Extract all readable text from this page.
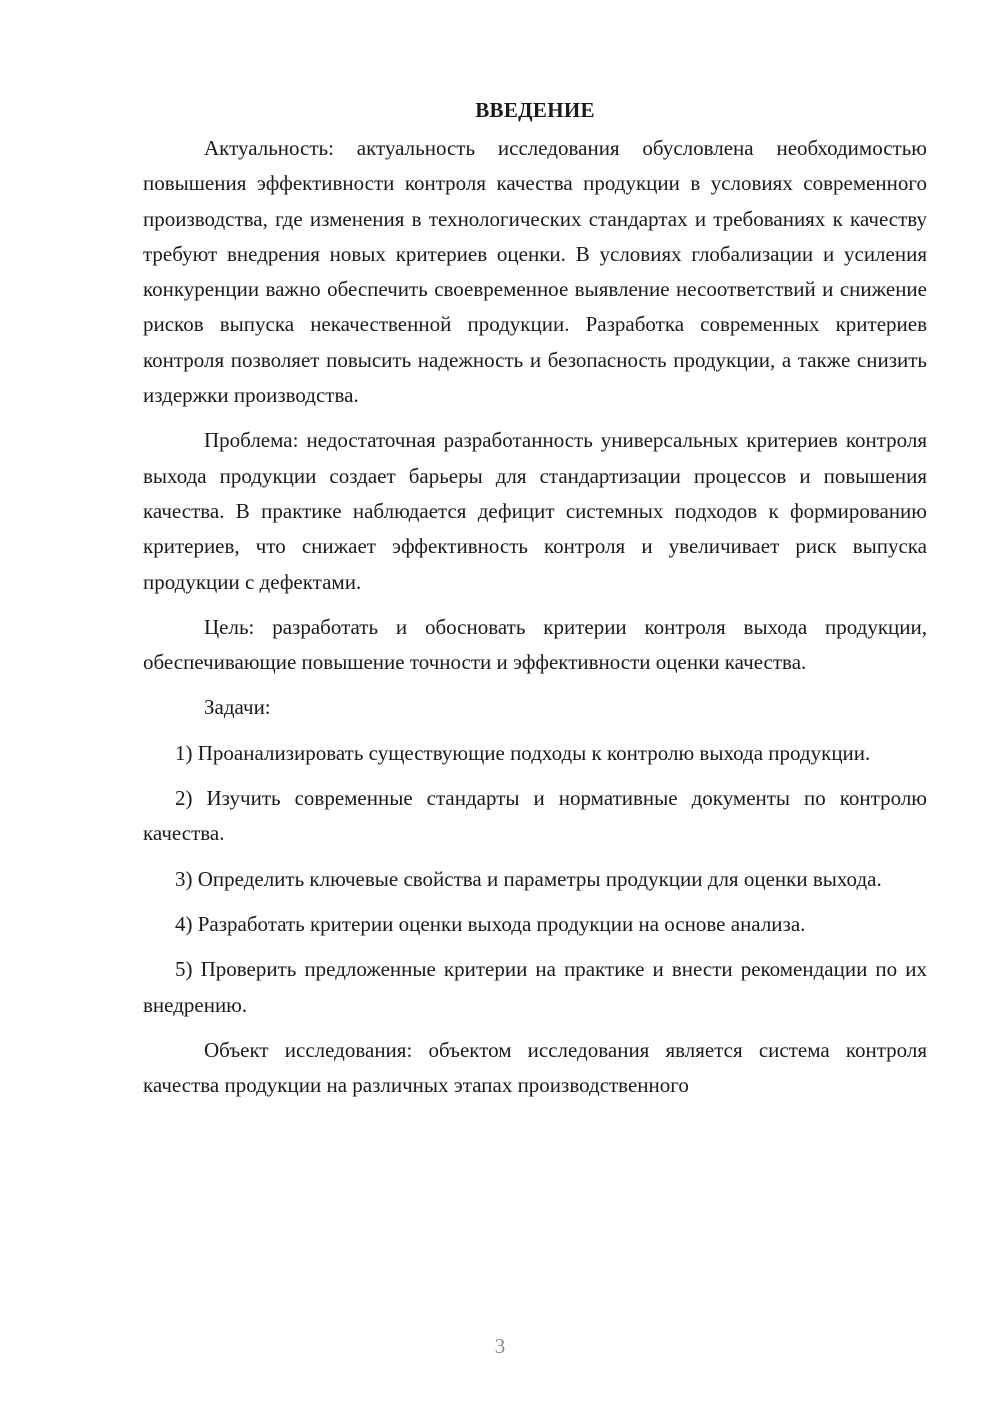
ВВЕДЕНИЕ

Актуальность: актуальность исследования обусловлена необходимостью повышения эффективности контроля качества продукции в условиях современного производства, где изменения в технологических стандартах и требованиях к качеству требуют внедрения новых критериев оценки. В условиях глобализации и усиления конкуренции важно обеспечить своевременное выявление несоответствий и снижение рисков выпуска некачественной продукции. Разработка современных критериев контроля позволяет повысить надежность и безопасность продукции, а также снизить издержки производства.

Проблема: недостаточная разработанность универсальных критериев контроля выхода продукции создает барьеры для стандартизации процессов и повышения качества. В практике наблюдается дефицит системных подходов к формированию критериев, что снижает эффективность контроля и увеличивает риск выпуска продукции с дефектами.

Цель: разработать и обосновать критерии контроля выхода продукции, обеспечивающие повышение точности и эффективности оценки качества.

Задачи:

1) Проанализировать существующие подходы к контролю выхода продукции.

2) Изучить современные стандарты и нормативные документы по контролю качества.

3) Определить ключевые свойства и параметры продукции для оценки выхода.

4) Разработать критерии оценки выхода продукции на основе анализа.

5) Проверить предложенные критерии на практике и внести рекомендации по их внедрению.

Объект исследования: объектом исследования является система контроля качества продукции на различных этапах производственного

3
